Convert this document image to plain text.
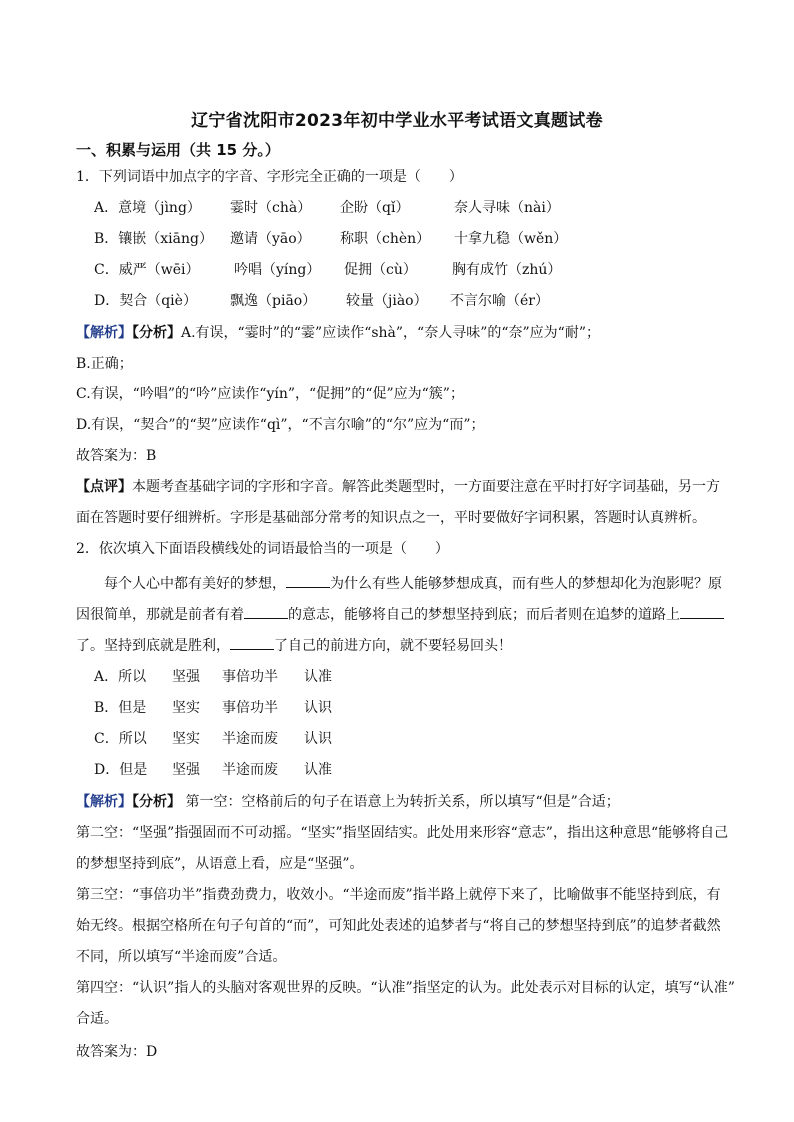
辽宁省沈阳市2023年初中学业水平考试语文真题试卷
一、积累与运用（共 15 分。）
1．下列词语中加点字的字音、字形完全正确的一项是（　　）
A．意境（jìng） 霎时（chà） 企盼（qǐ）	奈人寻味（nài）
B．镶嵌（xiāng） 邀请（yāo） 称职（chèn） 十拿九稳（wěn）
C．威严（wēi） 吟唱（yíng） 促拥（cù）	胸有成竹（zhú）
D．契合（qiè） 飘逸（piāo） 较量（jiào） 不言尔喻（ér）
【解析】【分析】A.有误，“霎时”的“霎”应读作“shà”，“奈人寻味”的“奈”应为“耐”；
B.正确；
C.有误，“吟唱”的“吟”应读作“yín”，“促拥”的“促”应为“簇”；
D.有误，“契合”的“契”应读作“qì”，“不言尔喻”的“尔”应为“而”；
故答案为：B
【点评】本题考查基础字词的字形和字音。解答此类题型时，一方面要注意在平时打好字词基础，另一方
面在答题时要仔细辨析。字形是基础部分常考的知识点之一，平时要做好字词积累，答题时认真辨析。
2．依次填入下面语段横线处的词语最恰当的一项是（　　）
每个人心中都有美好的梦想，	为什么有些人能够梦想成真，而有些人的梦想却化为泡影呢？原
因很简单，那就是前者有着	的意志，能够将自己的梦想坚持到底；而后者则在追梦的道路上
了。坚持到底就是胜利，	了自己的前进方向，就不要轻易回头！
A．所以 坚强 事倍功半 认准
B．但是 坚实 事倍功半 认识
C．所以 坚实 半途而废 认识
D．但是 坚强 半途而废 认准
【解析】【分析】 第一空：空格前后的句子在语意上为转折关系，所以填写“但是”合适；
第二空：“坚强”指强固而不可动摇。“坚实”指坚固结实。此处用来形容“意志”，指出这种意思“能够将自己
的梦想坚持到底”，从语意上看，应是“坚强”。
第三空：“事倍功半”指费劲费力，收效小。“半途而废”指半路上就停下来了，比喻做事不能坚持到底，有
始无终。根据空格所在句子句首的“而”，可知此处表述的追梦者与“将自己的梦想坚持到底”的追梦者截然
不同，所以填写“半途而废”合适。
第四空：“认识”指人的头脑对客观世界的反映。“认准”指坚定的认为。此处表示对目标的认定，填写“认准”
合适。
故答案为：D
